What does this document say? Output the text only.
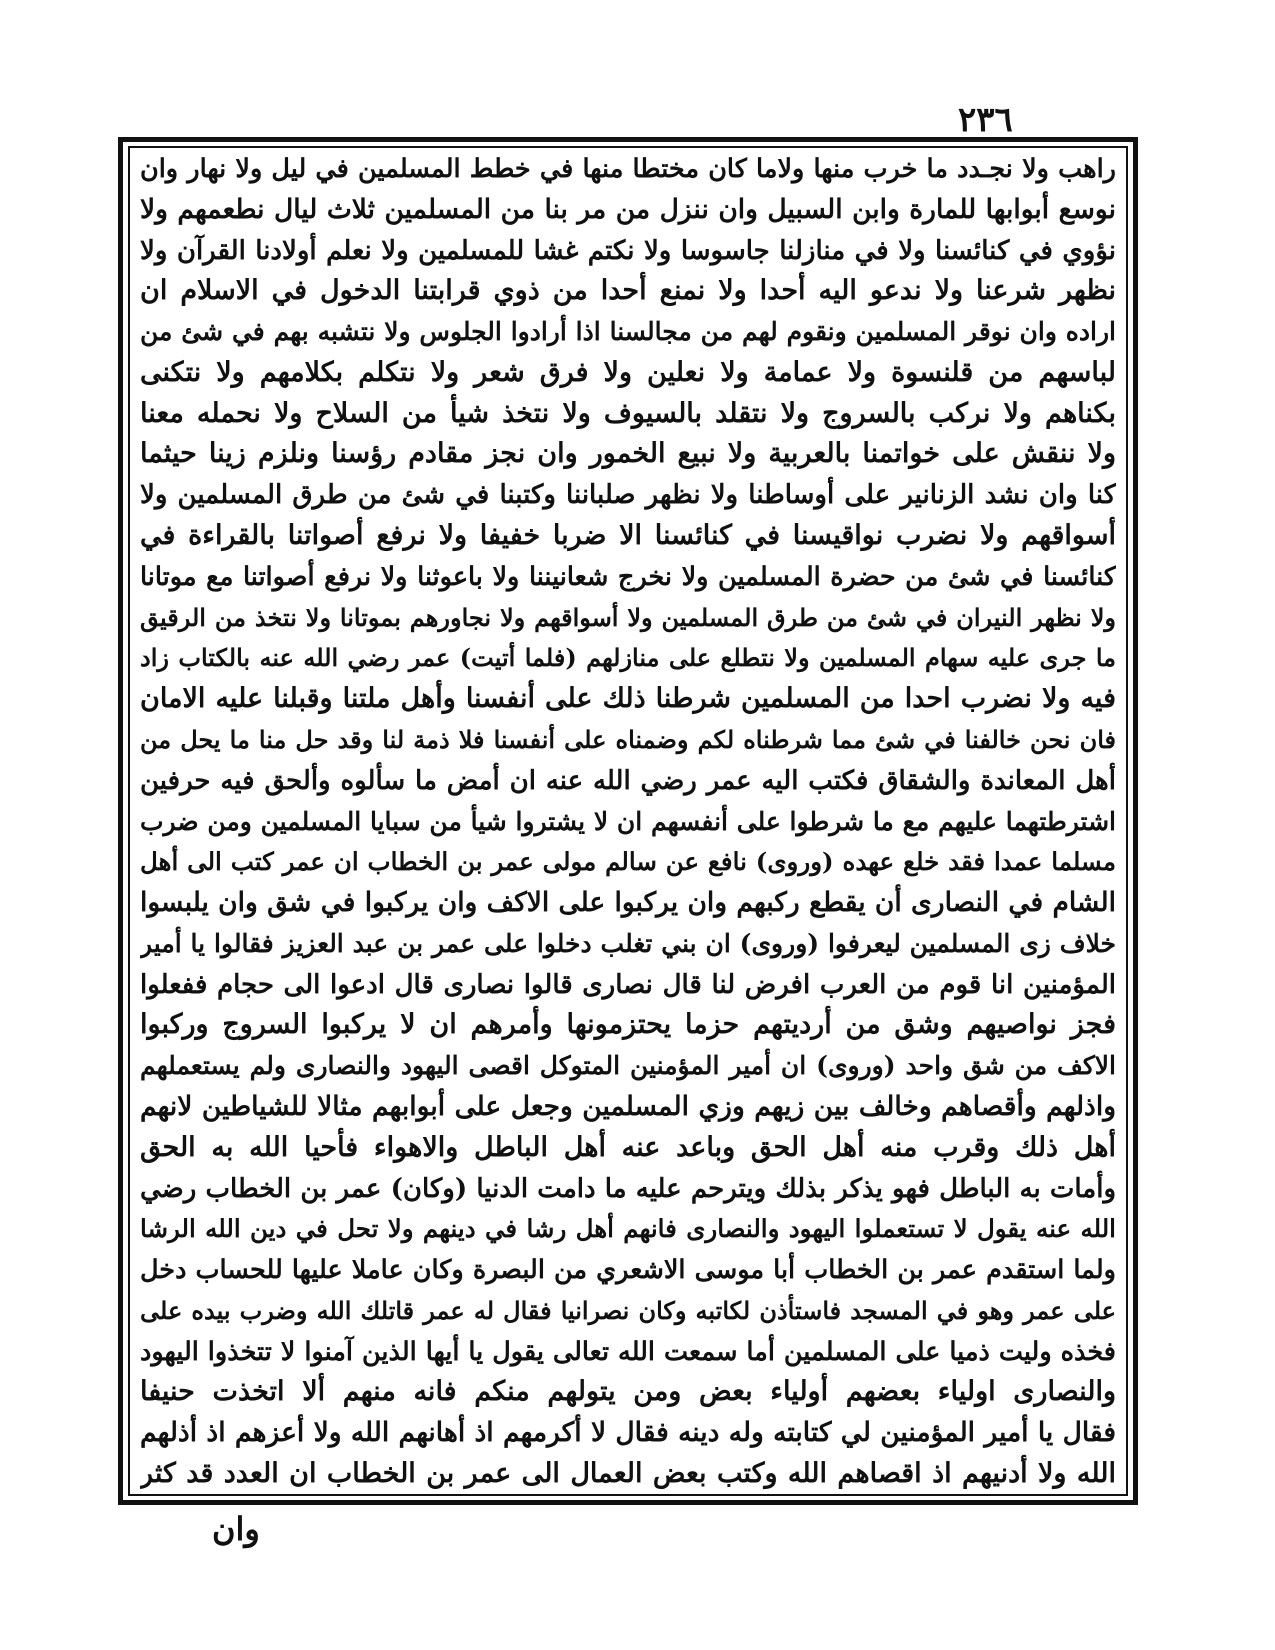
٢٣٦
راهب ولا نجـدد ما خرب منها ولاما كان مختطا منها في خطط المسلمين في ليل ولا نهار وان
نوسع أبوابها للمارة وابن السبيل وان ننزل من مر بنا من المسلمين ثلاث ليال نطعمهم ولا
نؤوي في كنائسنا ولا في منازلنا جاسوسا ولا نكتم غشا للمسلمين ولا نعلم أولادنا القرآن ولا
نظهر شرعنا ولا ندعو اليه أحدا ولا نمنع أحدا من ذوي قرابتنا الدخول في الاسلام ان
اراده وان نوقر المسلمين ونقوم لهم من مجالسنا اذا أرادوا الجلوس ولا نتشبه بهم في شئ من
لباسهم من قلنسوة ولا عمامة ولا نعلين ولا فرق شعر ولا نتكلم بكلامهم ولا نتكنى
بكناهم ولا نركب بالسروج ولا نتقلد بالسيوف ولا نتخذ شيأ من السلاح ولا نحمله معنا
ولا ننقش على خواتمنا بالعربية ولا نبيع الخمور وان نجز مقادم رؤسنا ونلزم زينا حيثما
كنا وان نشد الزنانير على أوساطنا ولا نظهر صلباننا وكتبنا في شئ من طرق المسلمين ولا
أسواقهم ولا نضرب نواقيسنا في كنائسنا الا ضربا خفيفا ولا نرفع أصواتنا بالقراءة في
كنائسنا في شئ من حضرة المسلمين ولا نخرج شعانيننا ولا باعوثنا ولا نرفع أصواتنا مع موتانا
ولا نظهر النيران في شئ من طرق المسلمين ولا أسواقهم ولا نجاورهم بموتانا ولا نتخذ من الرقيق
ما جرى عليه سهام المسلمين ولا نتطلع على منازلهم (فلما أتيت) عمر رضي الله عنه بالكتاب زاد
فيه ولا نضرب احدا من المسلمين شرطنا ذلك على أنفسنا وأهل ملتنا وقبلنا عليه الامان
فان نحن خالفنا في شئ مما شرطناه لكم وضمناه على أنفسنا فلا ذمة لنا وقد حل منا ما يحل من
أهل المعاندة والشقاق فكتب اليه عمر رضي الله عنه ان أمض ما سألوه وألحق فيه حرفين
اشترطتهما عليهم مع ما شرطوا على أنفسهم ان لا يشتروا شيأ من سبايا المسلمين ومن ضرب
مسلما عمدا فقد خلع عهده (وروى) نافع عن سالم مولى عمر بن الخطاب ان عمر كتب الى أهل
الشام في النصارى أن يقطع ركبهم وان يركبوا على الاكف وان يركبوا في شق وان يلبسوا
خلاف زى المسلمين ليعرفوا (وروى) ان بني تغلب دخلوا على عمر بن عبد العزيز فقالوا يا أمير
المؤمنين انا قوم من العرب افرض لنا قال نصارى قالوا نصارى قال ادعوا الى حجام ففعلوا
فجز نواصيهم وشق من أرديتهم حزما يحتزمونها وأمرهم ان لا يركبوا السروج وركبوا
الاكف من شق واحد (وروى) ان أمير المؤمنين المتوكل اقصى اليهود والنصارى ولم يستعملهم
واذلهم وأقصاهم وخالف بين زيهم وزي المسلمين وجعل على أبوابهم مثالا للشياطين لانهم
أهل ذلك وقرب منه أهل الحق وباعد عنه أهل الباطل والاهواء فأحيا الله به الحق
وأمات به الباطل فهو يذكر بذلك ويترحم عليه ما دامت الدنيا (وكان) عمر بن الخطاب رضي
الله عنه يقول لا تستعملوا اليهود والنصارى فانهم أهل رشا في دينهم ولا تحل في دين الله الرشا
ولما استقدم عمر بن الخطاب أبا موسى الاشعري من البصرة وكان عاملا عليها للحساب دخل
على عمر وهو في المسجد فاستأذن لكاتبه وكان نصرانيا فقال له عمر قاتلك الله وضرب بيده على
فخذه وليت ذميا على المسلمين أما سمعت الله تعالى يقول يا أيها الذين آمنوا لا تتخذوا اليهود
والنصارى اولياء بعضهم أولياء بعض ومن يتولهم منكم فانه منهم ألا اتخذت حنيفا
فقال يا أمير المؤمنين لي كتابته وله دينه فقال لا أكرمهم اذ أهانهم الله ولا أعزهم اذ أذلهم
الله ولا أدنيهم اذ اقصاهم الله وكتب بعض العمال الى عمر بن الخطاب ان العدد قد كثر
وان
